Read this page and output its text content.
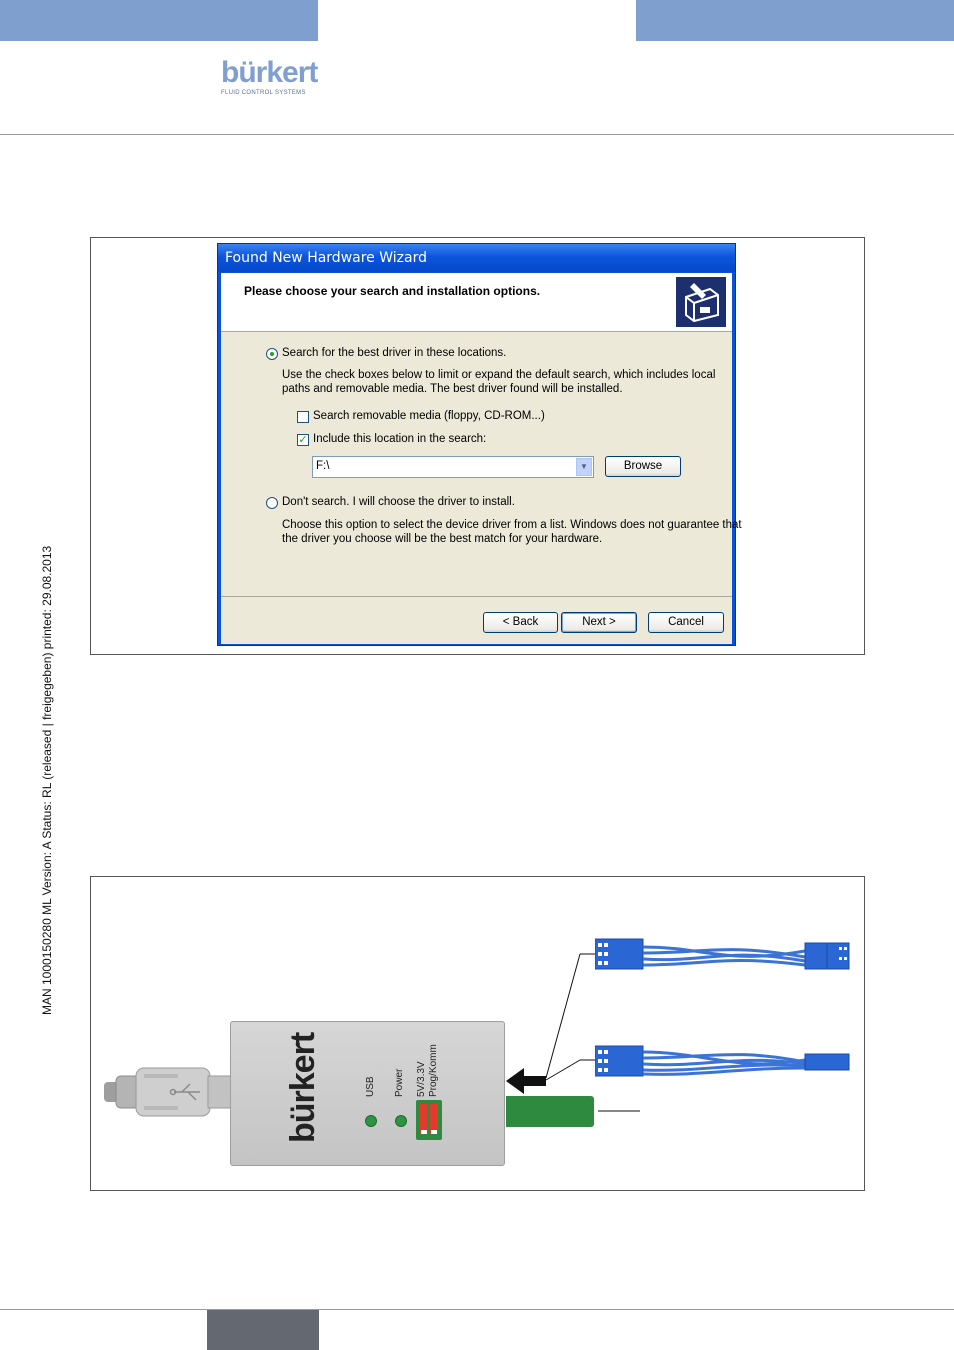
bürkert
FLUID CONTROL SYSTEMS
MAN 1000150280 ML Version: A Status: RL (released | freigegeben) printed: 29.08.2013
Found New Hardware Wizard
Please choose your search and installation options.
Search for the best driver in these locations.
Use the check boxes below to limit or expand the default search, which includes local
paths and removable media. The best driver found will be installed.
Search removable media (floppy, CD-ROM...)
✓ Include this location in the search:
F:\	▼	Browse
Don't search. I will choose the driver to install.
Choose this option to select the device driver from a list. Windows does not guarantee that
the driver you choose will be the best match for your hardware.
< Back	Next >	Cancel
bürkert	USB Power 5V/3.3V Prog/Komm
